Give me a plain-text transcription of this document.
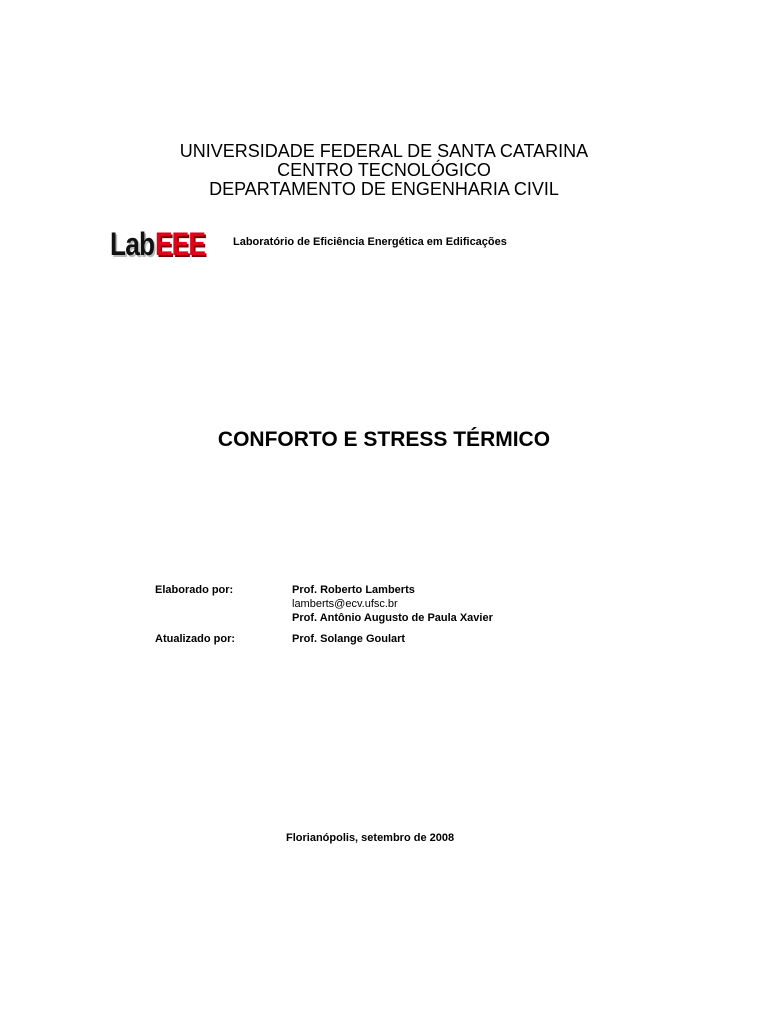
UNIVERSIDADE FEDERAL DE SANTA CATARINA
CENTRO TECNOLÓGICO
DEPARTAMENTO DE ENGENHARIA CIVIL
Lab EEE	Laboratório de Eficiência Energética em Edificações
CONFORTO E STRESS TÉRMICO
Elaborado por:	Prof. Roberto Lamberts
lamberts@ecv.ufsc.br
Prof. Antônio Augusto de Paula Xavier
Atualizado por:	Prof. Solange Goulart
Florianópolis, setembro de 2008
